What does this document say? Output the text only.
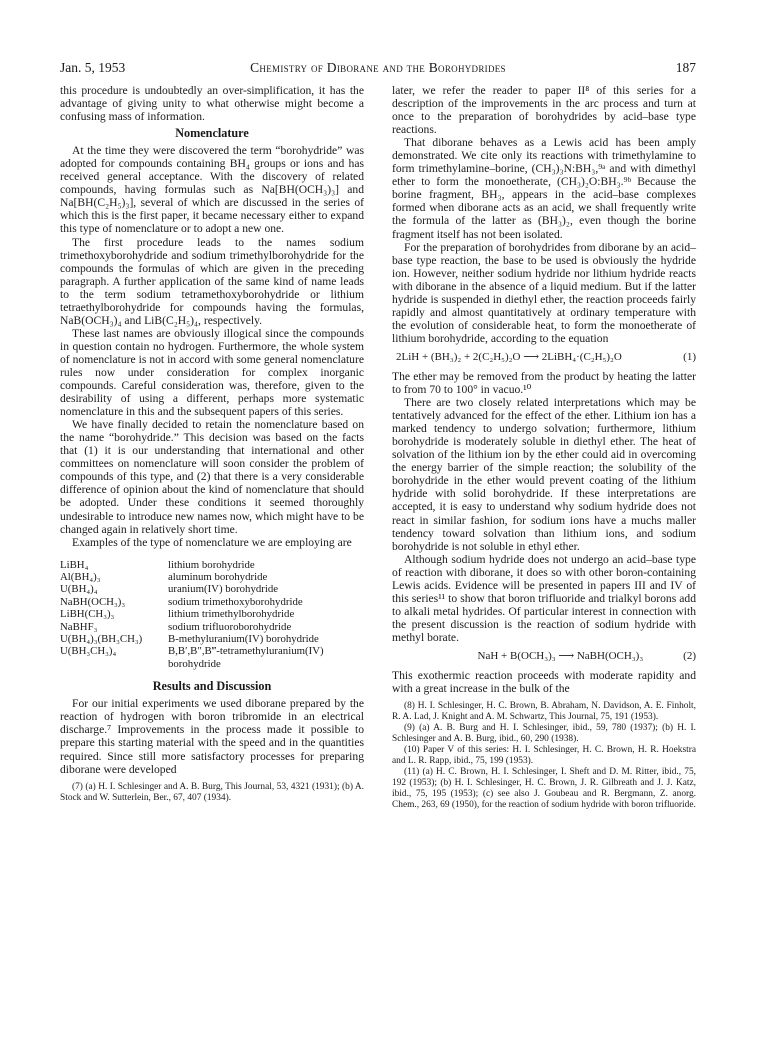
Jan. 5, 1953	Chemistry of Diborane and the Borohydrides	187

this procedure is undoubtedly an over-simplification, it has the advantage of giving unity to what otherwise might become a confusing mass of information.

Nomenclature

At the time they were discovered the term “borohydride” was adopted for compounds containing BH₄ groups or ions and has received general acceptance. With the discovery of related compounds, having formulas such as Na[BH(OCH₃)₃] and Na[BH(C₂H₅)₃], several of which are discussed in the series of which this is the first paper, it became necessary either to expand this type of nomenclature or to adopt a new one.

The first procedure leads to the names sodium trimethoxyborohydride and sodium trimethylborohydride for the compounds the formulas of which are given in the preceding paragraph. A further application of the same kind of name leads to the term sodium tetramethoxyborohydride or lithium tetraethylborohydride for compounds having the formulas, NaB(OCH₃)₄ and LiB(C₂H₅)₄, respectively.

These last names are obviously illogical since the compounds in question contain no hydrogen. Furthermore, the whole system of nomenclature is not in accord with some general nomenclature rules now under consideration for complex inorganic compounds. Careful consideration was, therefore, given to the desirability of using a different, perhaps more systematic nomenclature in this and the subsequent papers of this series.

We have finally decided to retain the nomenclature based on the name “borohydride.” This decision was based on the facts that (1) it is our understanding that international and other committees on nomenclature will soon consider the problem of compounds of this type, and (2) that there is a very considerable difference of opinion about the kind of nomenclature that should be adopted. Under these conditions it seemed thoroughly undesirable to introduce new names now, which might have to be changed again in relatively short time.

Examples of the type of nomenclature we are employing are

LiBH₄	lithium borohydride
Al(BH₄)₃	aluminum borohydride
U(BH₄)₄	uranium(IV) borohydride
NaBH(OCH₃)₃	sodium trimethoxyborohydride
LiBH(CH₃)₃	lithium trimethylborohydride
NaBHF₃	sodium trifluoroborohydride
U(BH₄)₃(BH₃CH₃)	B-methyluranium(IV) borohydride
U(BH₃CH₃)₄	B,B′,B″,B‴-tetramethyluranium(IV)
borohydride
Results and Discussion

For our initial experiments we used diborane prepared by the reaction of hydrogen with boron tribromide in an electrical discharge.⁷ Improvements in the process made it possible to prepare this starting material with the speed and in the quantities required. Since still more satisfactory processes for preparing diborane were developed

(7) (a) H. I. Schlesinger and A. B. Burg, This Journal, 53, 4321 (1931); (b) A. Stock and W. Sutterlein, Ber., 67, 407 (1934).

later, we refer the reader to paper II⁸ of this series for a description of the improvements in the arc process and turn at once to the preparation of borohydrides by acid–base type reactions.

That diborane behaves as a Lewis acid has been amply demonstrated. We cite only its reactions with trimethylamine to form trimethylamine–borine, (CH₃)₃N:BH₃,⁹ᵃ and with dimethyl ether to form the monoetherate, (CH₃)₂O:BH₃.⁹ᵇ Because the borine fragment, BH₃, appears in the acid–base complexes formed when diborane acts as an acid, we shall frequently write the formula of the latter as (BH₃)₂, even though the borine fragment itself has not been isolated.

For the preparation of borohydrides from diborane by an acid–base type reaction, the base to be used is obviously the hydride ion. However, neither sodium hydride nor lithium hydride reacts with diborane in the absence of a liquid medium. But if the latter hydride is suspended in diethyl ether, the reaction proceeds fairly rapidly and almost quantitatively at ordinary temperature with the evolution of considerable heat, to form the monoetherate of lithium borohydride, according to the equation

2LiH + (BH₃)₂ + 2(C₂H₅)₂O ⟶ 2LiBH₄·(C₂H₅)₂O	(1)

The ether may be removed from the product by heating the latter to from 70 to 100° in vacuo.¹⁰

There are two closely related interpretations which may be tentatively advanced for the effect of the ether. Lithium ion has a marked tendency to undergo solvation; furthermore, lithium borohydride is moderately soluble in diethyl ether. The heat of solvation of the lithium ion by the ether could aid in overcoming the energy barrier of the simple reaction; the solubility of the borohydride in the ether would prevent coating of the lithium hydride with solid borohydride. If these interpretations are accepted, it is easy to understand why sodium hydride does not react in similar fashion, for sodium ions have a muchs maller tendency toward solvation than lithium ions, and sodium borohydride is not soluble in ethyl ether.

Although sodium hydride does not undergo an acid–base type of reaction with diborane, it does so with other boron-containing Lewis acids. Evidence will be presented in papers III and IV of this series¹¹ to show that boron trifluoride and trialkyl borons add to alkali metal hydrides. Of particular interest in connection with the present discussion is the reaction of sodium hydride with methyl borate.

NaH + B(OCH₃)₃ ⟶ NaBH(OCH₃)₃	(2)

This exothermic reaction proceeds with moderate rapidity and with a great increase in the bulk of the

(8) H. I. Schlesinger, H. C. Brown, B. Abraham, N. Davidson, A. E. Finholt, R. A. Lad, J. Knight and A. M. Schwartz, This Journal, 75, 191 (1953).

(9) (a) A. B. Burg and H. I. Schlesinger, ibid., 59, 780 (1937); (b) H. I. Schlesinger and A. B. Burg, ibid., 60, 290 (1938).

(10) Paper V of this series: H. I. Schlesinger, H. C. Brown, H. R. Hoekstra and L. R. Rapp, ibid., 75, 199 (1953).

(11) (a) H. C. Brown, H. I. Schlesinger, I. Sheft and D. M. Ritter, ibid., 75, 192 (1953); (b) H. I. Schlesinger, H. C. Brown, J. R. Gilbreath and J. J. Katz, ibid., 75, 195 (1953); (c) see also J. Goubeau and R. Bergmann, Z. anorg. Chem., 263, 69 (1950), for the reaction of sodium hydride with boron trifluoride.
